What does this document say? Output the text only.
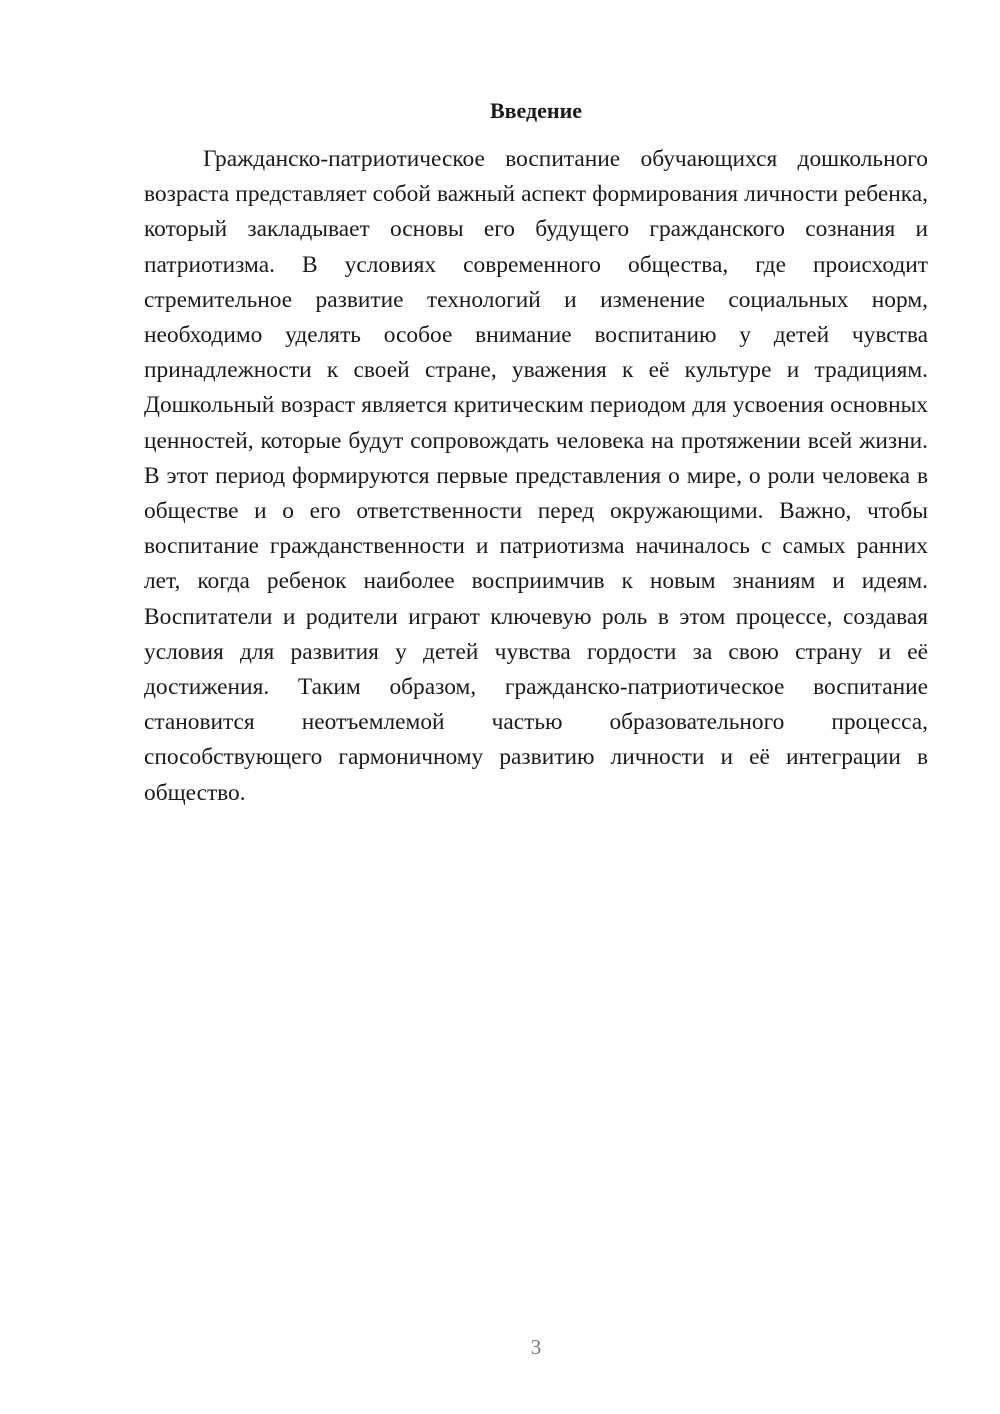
Введение

Гражданско-патриотическое воспитание обучающихся дошкольного возраста представляет собой важный аспект формирования личности ребенка, который закладывает основы его будущего гражданского сознания и патриотизма. В условиях современного общества, где происходит стремительное развитие технологий и изменение социальных норм, необходимо уделять особое внимание воспитанию у детей чувства принадлежности к своей стране, уважения к её культуре и традициям. Дошкольный возраст является критическим периодом для усвоения основных ценностей, которые будут сопровождать человека на протяжении всей жизни. В этот период формируются первые представления о мире, о роли человека в обществе и о его ответственности перед окружающими. Важно, чтобы воспитание гражданственности и патриотизма начиналось с самых ранних лет, когда ребенок наиболее восприимчив к новым знаниям и идеям. Воспитатели и родители играют ключевую роль в этом процессе, создавая условия для развития у детей чувства гордости за свою страну и её достижения. Таким образом, гражданско-патриотическое воспитание становится неотъемлемой частью образовательного процесса, способствующего гармоничному развитию личности и её интеграции в общество.

3
